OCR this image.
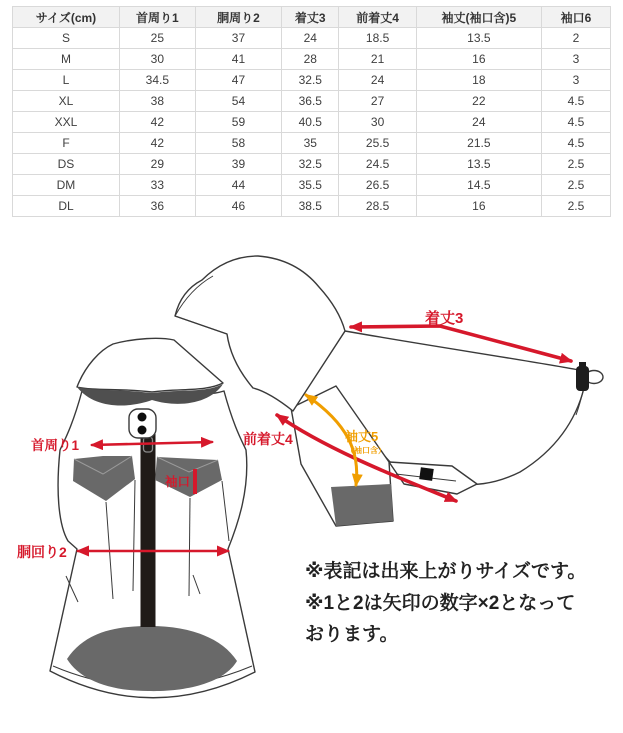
サイズ(cm)	首周り1	胴周り2	着丈3	前着丈4	袖丈(袖口含)5	袖口6
S	25	37	24	18.5	13.5	2
M	30	41	28	21	16	3
L	34.5	47	32.5	24	18	3
XL	38	54	36.5	27	22	4.5
XXL	42	59	40.5	30	24	4.5
F	42	58	35	25.5	21.5	4.5
DS	29	39	32.5	24.5	13.5	2.5
DM	33	44	35.5	26.5	14.5	2.5
DL	36	46	38.5	28.5	16	2.5
首周り1
袖口
胴回り2
着丈3
前着丈4	袖丈5
（袖口含）
※表記は出来上がりサイズです。
※1と2は矢印の数字×2となって
おります。
